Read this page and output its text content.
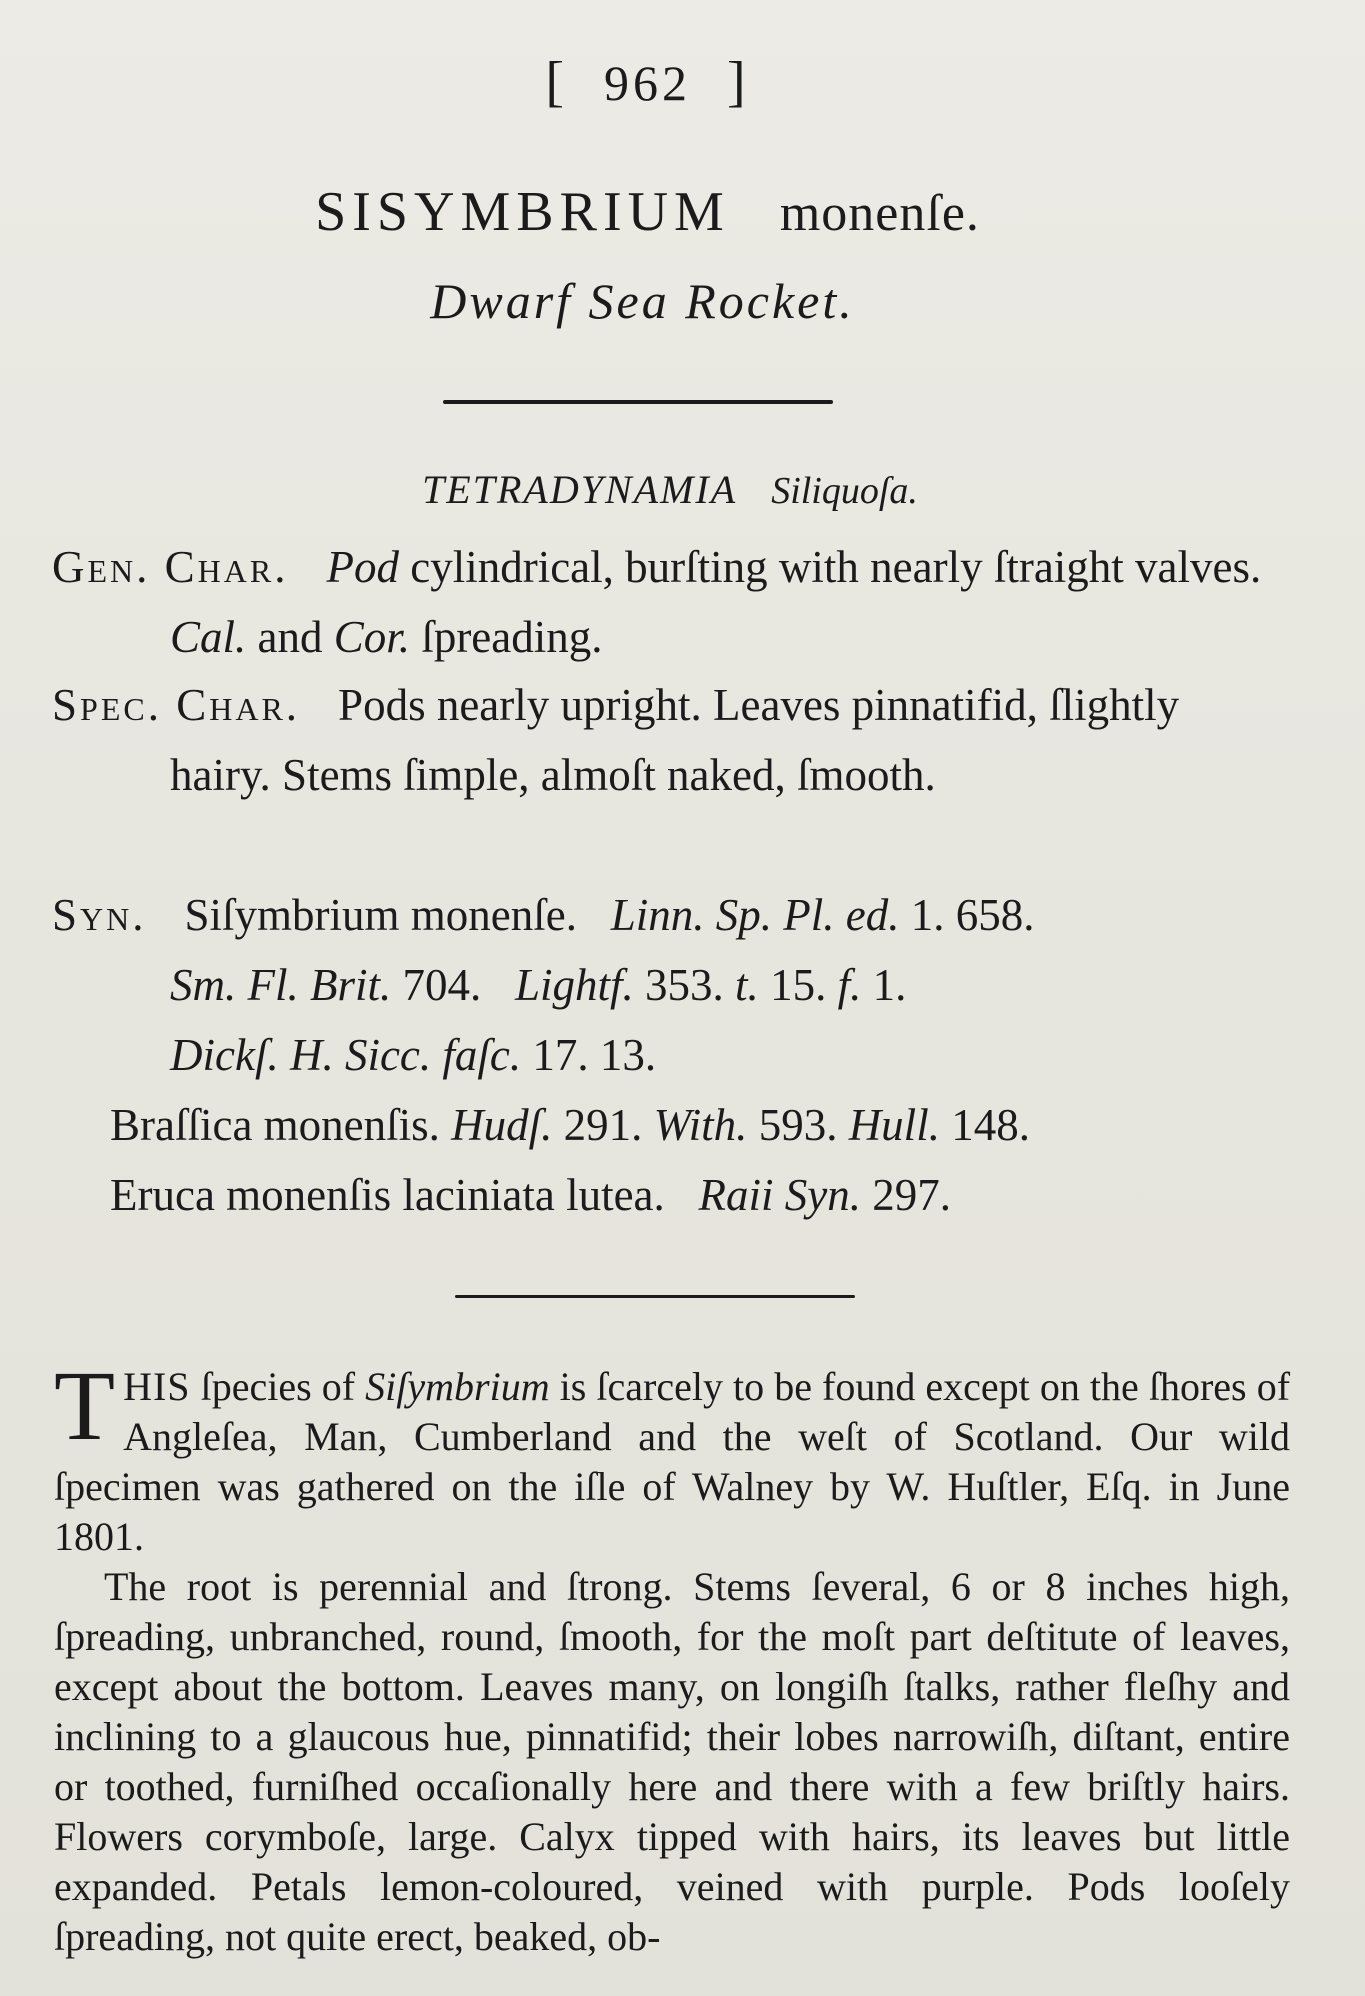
[ 962 ]
SISYMBRIUM monenſe.
Dwarf Sea Rocket.
TETRADYNAMIA Siliquoſa.
Gen. Char. Pod cylindrical, burſting with nearly ſtraight valves. Cal. and Cor. ſpreading.
Spec. Char. Pods nearly upright. Leaves pinnatifid, ſlightly hairy. Stems ſimple, almoſt naked, ſmooth.
Syn. Siſymbrium monenſe. Linn. Sp. Pl. ed. 1. 658.
Sm. Fl. Brit. 704. Lightf. 353. t. 15. f. 1.
Dickſ. H. Sicc. faſc. 17. 13.
Braſſica monenſis. Hudſ. 291. With. 593. Hull. 148.
Eruca monenſis laciniata lutea. Raii Syn. 297.

THIS ſpecies of Siſymbrium is ſcarcely to be found except on the ſhores of Angleſea, Man, Cumberland and the weſt of Scotland. Our wild ſpecimen was gathered on the iſle of Walney by W. Huſtler, Eſq. in June 1801.

The root is perennial and ſtrong. Stems ſeveral, 6 or 8 inches high, ſpreading, unbranched, round, ſmooth, for the moſt part deſtitute of leaves, except about the bottom. Leaves many, on longiſh ſtalks, rather fleſhy and inclining to a glaucous hue, pinnatifid; their lobes narrowiſh, diſtant, entire or toothed, furniſhed occaſionally here and there with a few briſtly hairs. Flowers corymboſe, large. Calyx tipped with hairs, its leaves but little expanded. Petals lemon-coloured, veined with purple. Pods looſely ſpreading, not quite erect, beaked, ob-
